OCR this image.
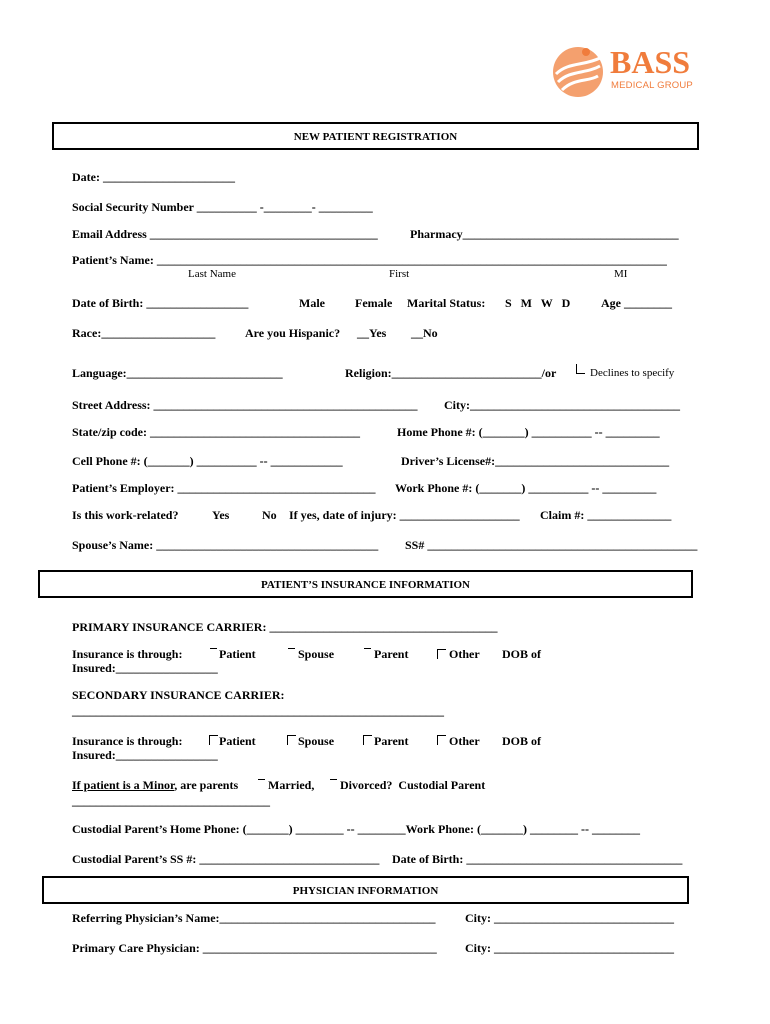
BASS
MEDICAL GROUP
NEW PATIENT REGISTRATION
Date: ______________________
Social Security Number __________ -________- _________
Email Address ______________________________________	Pharmacy____________________________________
Patient’s Name: _____________________________________________________________________________________
Last Name	First	MI
Date of Birth: _________________	Male	Female Marital Status: S   M   W   D	Age ________
Race:___________________ Are you Hispanic? __Yes __No
Language:__________________________	Religion:_________________________/or	Declines to specify
Street Address: ____________________________________________ City:___________________________________
State/zip code: ___________________________________	Home Phone #: (_______) __________ -- _________
Cell Phone #: (_______) __________ -- ____________	Driver’s License#:_____________________________
Patient’s Employer: _________________________________ Work Phone #: (_______) __________ -- _________
Is this work-related?	Yes	No If yes, date of injury: ____________________ Claim #: ______________
Spouse’s Name: _____________________________________ SS# _____________________________________________
PATIENT’S INSURANCE INFORMATION
PRIMARY INSURANCE CARRIER: ______________________________________
Insurance is through:	Patient	Spouse	Parent	Other DOB of
Insured:_________________
SECONDARY INSURANCE CARRIER:
______________________________________________________________
Insurance is through:	Patient	Spouse	Parent	Other DOB of
Insured:_________________
If patient is a Minor, are parents Married, Divorced?  Custodial Parent
_________________________________
Custodial Parent’s Home Phone: (_______) ________ -- ________Work Phone: (_______) ________ -- ________
Custodial Parent’s SS #: ______________________________ Date of Birth: ____________________________________
PHYSICIAN INFORMATION
Referring Physician’s Name:____________________________________ City: ______________________________
Primary Care Physician: _______________________________________ City: ______________________________
